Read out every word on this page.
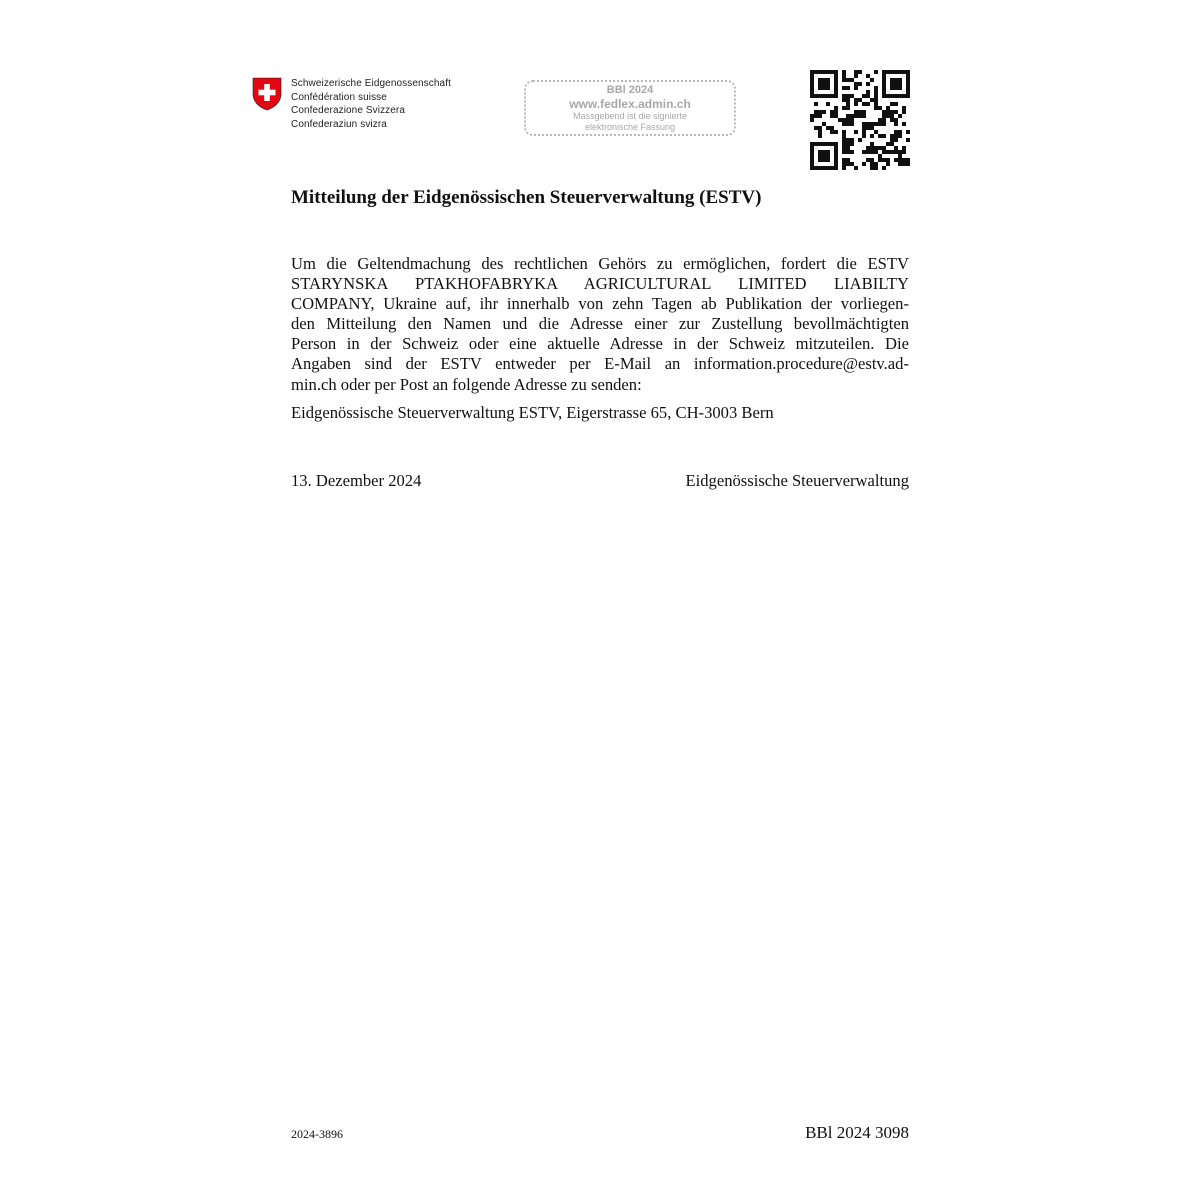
Schweizerische Eidgenossenschaft
Confédération suisse
Confederazione Svizzera
Confederaziun svizra
BBl 2024
www.fedlex.admin.ch
Massgebend ist die signierte
elektronische Fassung
Mitteilung der Eidgenössischen Steuerverwaltung (ESTV)
Um die Geltendmachung des rechtlichen Gehörs zu ermöglichen, fordert die ESTV
STARYNSKA PTAKHOFABRYKA AGRICULTURAL LIMITED LIABILTY
COMPANY, Ukraine auf, ihr innerhalb von zehn Tagen ab Publikation der vorliegen-
den Mitteilung den Namen und die Adresse einer zur Zustellung bevollmächtigten
Person in der Schweiz oder eine aktuelle Adresse in der Schweiz mitzuteilen. Die
Angaben sind der ESTV entweder per E-Mail an information.procedure@estv.ad-
min.ch oder per Post an folgende Adresse zu senden:
Eidgenössische Steuerverwaltung ESTV, Eigerstrasse 65, CH-3003 Bern
13. Dezember 2024	Eidgenössische Steuerverwaltung
2024-3896	BBl 2024 3098
